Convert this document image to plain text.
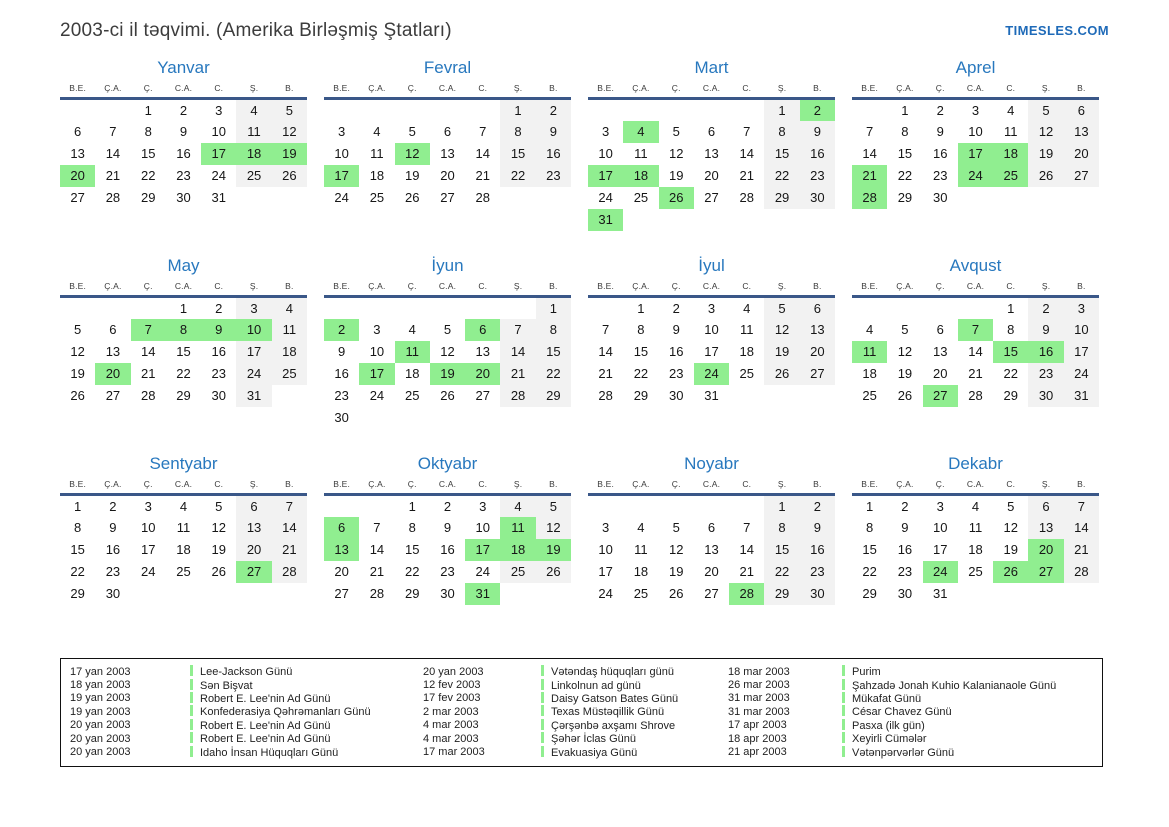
2003-ci il təqvimi. (Amerika Birləşmiş Ştatları)	TIMESLES.COM
Yanvar
B.E.	Ç.A.	Ç.	C.A.	C.	Ş.	B.
		1	2	3	4	5
6	7	8	9	10	11	12
13	14	15	16	17	18	19
20	21	22	23	24	25	26
27	28	29	30	31		
Fevral
B.E.	Ç.A.	Ç.	C.A.	C.	Ş.	B.
					1	2
3	4	5	6	7	8	9
10	11	12	13	14	15	16
17	18	19	20	21	22	23
24	25	26	27	28		
Mart
B.E.	Ç.A.	Ç.	C.A.	C.	Ş.	B.
					1	2
3	4	5	6	7	8	9
10	11	12	13	14	15	16
17	18	19	20	21	22	23
24	25	26	27	28	29	30
31						
Aprel
B.E.	Ç.A.	Ç.	C.A.	C.	Ş.	B.
	1	2	3	4	5	6
7	8	9	10	11	12	13
14	15	16	17	18	19	20
21	22	23	24	25	26	27
28	29	30				
May
B.E.	Ç.A.	Ç.	C.A.	C.	Ş.	B.
			1	2	3	4
5	6	7	8	9	10	11
12	13	14	15	16	17	18
19	20	21	22	23	24	25
26	27	28	29	30	31	
İyun
B.E.	Ç.A.	Ç.	C.A.	C.	Ş.	B.
						1
2	3	4	5	6	7	8
9	10	11	12	13	14	15
16	17	18	19	20	21	22
23	24	25	26	27	28	29
30						
İyul
B.E.	Ç.A.	Ç.	C.A.	C.	Ş.	B.
	1	2	3	4	5	6
7	8	9	10	11	12	13
14	15	16	17	18	19	20
21	22	23	24	25	26	27
28	29	30	31			
Avqust
B.E.	Ç.A.	Ç.	C.A.	C.	Ş.	B.
				1	2	3
4	5	6	7	8	9	10
11	12	13	14	15	16	17
18	19	20	21	22	23	24
25	26	27	28	29	30	31
Sentyabr
B.E.	Ç.A.	Ç.	C.A.	C.	Ş.	B.
1	2	3	4	5	6	7
8	9	10	11	12	13	14
15	16	17	18	19	20	21
22	23	24	25	26	27	28
29	30					
Oktyabr
B.E.	Ç.A.	Ç.	C.A.	C.	Ş.	B.
		1	2	3	4	5
6	7	8	9	10	11	12
13	14	15	16	17	18	19
20	21	22	23	24	25	26
27	28	29	30	31		
Noyabr
B.E.	Ç.A.	Ç.	C.A.	C.	Ş.	B.
					1	2
3	4	5	6	7	8	9
10	11	12	13	14	15	16
17	18	19	20	21	22	23
24	25	26	27	28	29	30
Dekabr
B.E.	Ç.A.	Ç.	C.A.	C.	Ş.	B.
1	2	3	4	5	6	7
8	9	10	11	12	13	14
15	16	17	18	19	20	21
22	23	24	25	26	27	28
29	30	31				
17 yan 2003	Lee-Jackson Günü
18 yan 2003	Sən Bişvat
19 yan 2003	Robert E. Lee'nin Ad Günü
19 yan 2003	Konfederasiya Qəhrəmanları Günü
20 yan 2003	Robert E. Lee'nin Ad Günü
20 yan 2003	Robert E. Lee'nin Ad Günü
20 yan 2003	Idaho İnsan Hüquqları Günü
20 yan 2003	Vətəndaş hüquqları günü
12 fev 2003	Linkolnun ad günü
17 fev 2003	Daisy Gatson Bates Günü
2 mar 2003	Texas Müstəqillik Günü
4 mar 2003	Çərşənbə axşamı Shrove
4 mar 2003	Şəhər İclas Günü
17 mar 2003	Evakuasiya Günü
18 mar 2003	Purim
26 mar 2003	Şahzadə Jonah Kuhio Kalanianaole Günü
31 mar 2003	Mükafat Günü
31 mar 2003	César Chavez Günü
17 apr 2003	Pasxa (ilk gün)
18 apr 2003	Xeyirli Cümələr
21 apr 2003	Vətənpərvərlər Günü
